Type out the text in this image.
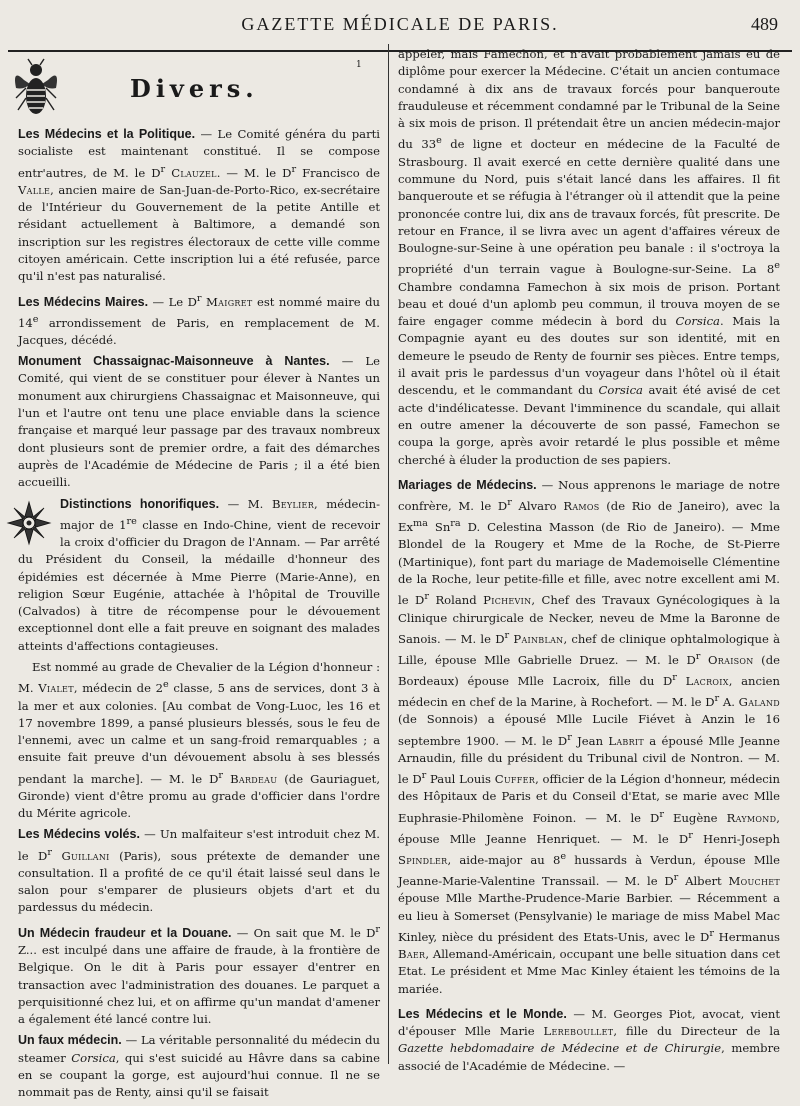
GAZETTE MÉDICALE DE PARIS.	489
1
Divers.

Les Médecins et la Politique. — Le Comité généra du parti socialiste est maintenant constitué. Il se compose entr'autres, de M. le $D^r$ Clauzel. — M. le $D^r$ Francisco de Valle, ancien maire de San-Juan-de-Porto-Rico, ex-secrétaire de l'Intérieur du Gouvernement de la petite Antille et résidant actuellement à Baltimore, a demandé son inscription sur les registres électoraux de cette ville comme citoyen américain. Cette inscription lui a été refusée, parce qu'il n'est pas naturalisé.

Les Médecins Maires. — Le $D^r$ Maigret est nommé maire du 14e arrondissement de Paris, en remplacement de M. Jacques, décédé.

Monument Chassaignac-Maisonneuve à Nantes. — Le Comité, qui vient de se constituer pour élever à Nantes un monument aux chirurgiens Chassaignac et Maisonneuve, qui l'un et l'autre ont tenu une place enviable dans la science française et marqué leur passage par des travaux nombreux dont plusieurs sont de premier ordre, a fait des démarches auprès de l'Académie de Médecine de Paris ; il a été bien accueilli.

Distinctions honorifiques. — M. Beylier, médecin-major de 1re classe en Indo-Chine, vient de recevoir la croix d'officier du Dragon de l'Annam. — Par arrêté du Président du Conseil, la médaille d'honneur des épidémies est décernée à Mme Pierre (Marie-Anne), en religion Sœur Eugénie, attachée à l'hôpital de Trouville (Calvados) à titre de récompense pour le dévouement exceptionnel dont elle a fait preuve en soignant des malades atteints d'affections contagieuses.

Est nommé au grade de Chevalier de la Légion d'honneur : M. Vialet, médecin de 2e classe, 5 ans de services, dont 3 à la mer et aux colonies. [Au combat de Vong-Luoc, les 16 et 17 novembre 1899, a pansé plusieurs blessés, sous le feu de l'ennemi, avec un calme et un sang-froid remarquables ; a ensuite fait preuve d'un dévouement absolu à ses blessés pendant la marche]. — M. le $D^r$ Bardeau (de Gauriaguet, Gironde) vient d'être promu au grade d'officier dans l'ordre du Mérite agricole.

Les Médecins volés. — Un malfaiteur s'est introduit chez M. le $D^r$ Guillani (Paris), sous prétexte de demander une consultation. Il a profité de ce qu'il était laissé seul dans le salon pour s'emparer de plusieurs objets d'art et du pardessus du médecin.

Un Médecin fraudeur et la Douane. — On sait que M. le $D^r$ Z... est inculpé dans une affaire de fraude, à la frontière de Belgique. On le dit à Paris pour essayer d'entrer en transaction avec l'administration des douanes. Le parquet a perquisitionné chez lui, et on affirme qu'un mandat d'amener a également été lancé contre lui.

Un faux médecin. — La véritable personnalité du médecin du steamer Corsica, qui s'est suicidé au Hâvre dans sa cabine en se coupant la gorge, est aujourd'hui connue. Il ne se nommait pas de Renty, ainsi qu'il se faisait

appeler, mais Famechon, et n'avait probablement jamais eu de diplôme pour exercer la Médecine. C'était un ancien contumace condamné à dix ans de travaux forcés pour banqueroute frauduleuse et récemment condamné par le Tribunal de la Seine à six mois de prison. Il prétendait être un ancien médecin-major du 33e de ligne et docteur en médecine de la Faculté de Strasbourg. Il avait exercé en cette dernière qualité dans une commune du Nord, puis s'était lancé dans les affaires. Il fit banqueroute et se réfugia à l'étranger où il attendit que la peine prononcée contre lui, dix ans de travaux forcés, fût prescrite. De retour en France, il se livra avec un agent d'affaires véreux de Boulogne-sur-Seine à une opération peu banale : il s'octroya la propriété d'un terrain vague à Boulogne-sur-Seine. La 8e Chambre condamna Famechon à six mois de prison. Portant beau et doué d'un aplomb peu commun, il trouva moyen de se faire engager comme médecin à bord du Corsica. Mais la Compagnie ayant eu des doutes sur son identité, mit en demeure le pseudo de Renty de fournir ses pièces. Entre temps, il avait pris le pardessus d'un voyageur dans l'hôtel où il était descendu, et le commandant du Corsica avait été avisé de cet acte d'indélicatesse. Devant l'imminence du scandale, qui allait en outre amener la découverte de son passé, Famechon se coupa la gorge, après avoir retardé le plus possible et même cherché à éluder la production de ses papiers.

Mariages de Médecins. — Nous apprenons le mariage de notre confrère, M. le $D^r$ Alvaro Ramos (de Rio de Janeiro), avec la $Ex^{ma}$ $Sn^{ra}$ D. Celestina Masson (de Rio de Janeiro). — Mme Blondel de la Rougery et Mme de la Roche, de St-Pierre (Martinique), font part du mariage de Mademoiselle Clémentine de la Roche, leur petite-fille et fille, avec notre excellent ami M. le $D^r$ Roland Pichevin, Chef des Travaux Gynécologiques à la Clinique chirurgicale de Necker, neveu de Mme la Baronne de Sanois. — M. le $D^r$ Painblan, chef de clinique ophtalmologique à Lille, épouse Mlle Gabrielle Druez. — M. le $D^r$ Oraison (de Bordeaux) épouse Mlle Lacroix, fille du $D^r$ Lacroix, ancien médecin en chef de la Marine, à Rochefort. — M. le $D^r$ A. Galand (de Sonnois) a épousé Mlle Lucile Fiévet à Anzin le 16 septembre 1900. — M. le $D^r$ Jean Labrit a épousé Mlle Jeanne Arnaudin, fille du président du Tribunal civil de Nontron. — M. le $D^r$ Paul Louis Cuffer, officier de la Légion d'honneur, médecin des Hôpitaux de Paris et du Conseil d'Etat, se marie avec Mlle Euphrasie-Philomène Foinon. — M. le $D^r$ Eugène Raymond, épouse Mlle Jeanne Henriquet. — M. le $D^r$ Henri-Joseph Spindler, aide-major au 8e hussards à Verdun, épouse Mlle Jeanne-Marie-Valentine Transsail. — M. le $D^r$ Albert Mouchet épouse Mlle Marthe-Prudence-Marie Barbier. — Récemment a eu lieu à Somerset (Pensylvanie) le mariage de miss Mabel Mac Kinley, nièce du président des Etats-Unis, avec le $D^r$ Hermanus Baer, Allemand-Américain, occupant une belle situation dans cet Etat. Le président et Mme Mac Kinley étaient les témoins de la mariée.

Les Médecins et le Monde. — M. Georges Piot, avocat, vient d'épouser Mlle Marie Lereboullet, fille du Directeur de la Gazette hebdomadaire de Médecine et de Chirurgie, membre associé de l'Académie de Médecine. —
